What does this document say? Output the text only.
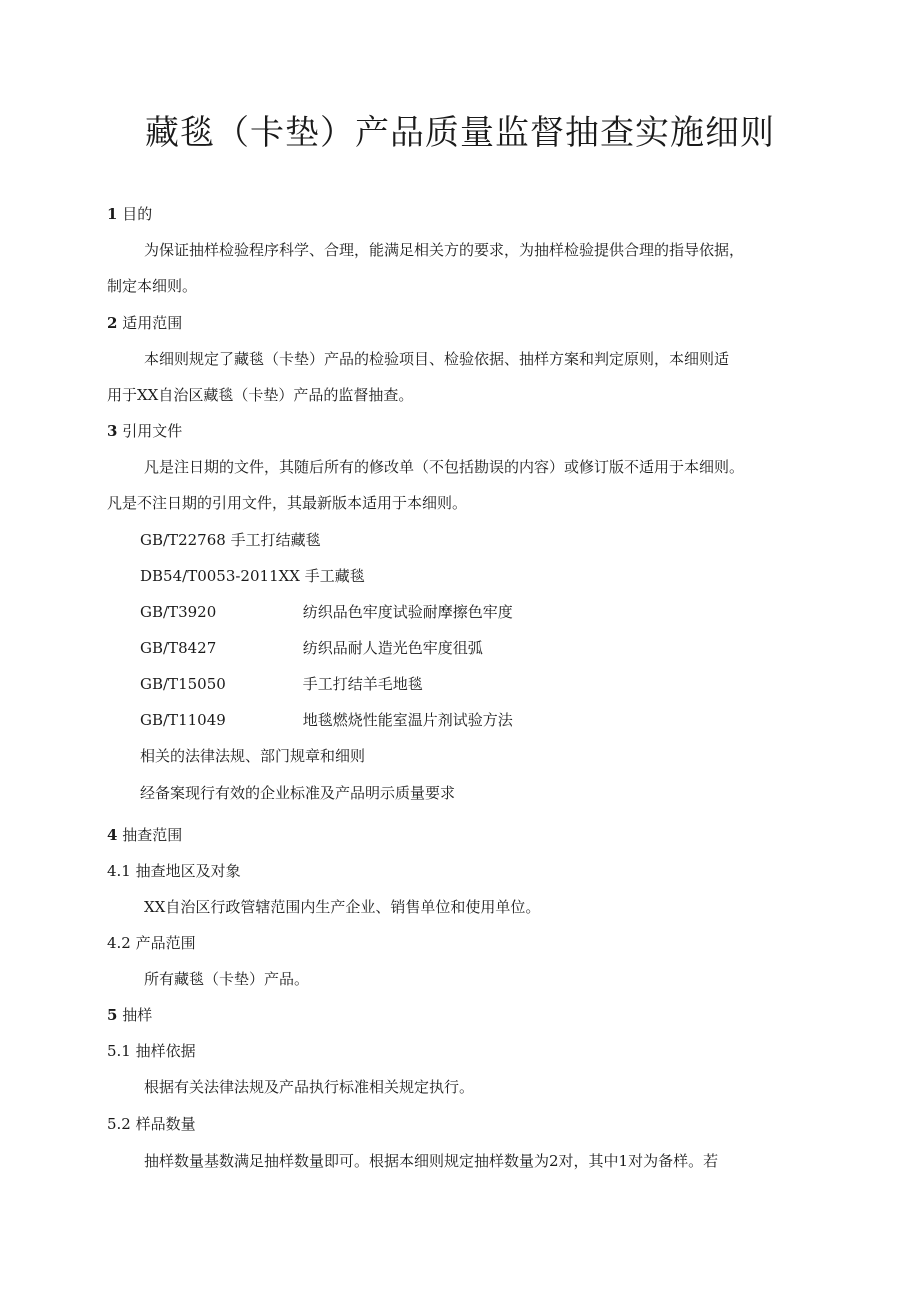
藏毯（卡垫）产品质量监督抽查实施细则
1 目的
为保证抽样检验程序科学、合理，能满足相关方的要求，为抽样检验提供合理的指导依据，
制定本细则。
2 适用范围
本细则规定了藏毯（卡垫）产品的检验项目、检验依据、抽样方案和判定原则，本细则适
用于XX自治区藏毯（卡垫）产品的监督抽查。
3 引用文件
凡是注日期的文件，其随后所有的修改单（不包括勘误的内容）或修订版不适用于本细则。
凡是不注日期的引用文件，其最新版本适用于本细则。
GB/T22768 手工打结藏毯
DB54/T0053-2011XX 手工藏毯
GB/T3920	纺织品色牢度试验耐摩擦色牢度
GB/T8427	纺织品耐人造光色牢度徂弧
GB/T15050	手工打结羊毛地毯
GB/T11049	地毯燃烧性能室温片剂试验方法
相关的法律法规、部门规章和细则
经备案现行有效的企业标准及产品明示质量要求
4 抽查范围
4.1 抽查地区及对象
XX自治区行政管辖范围内生产企业、销售单位和使用单位。
4.2 产品范围
所有藏毯（卡垫）产品。
5 抽样
5.1 抽样依据
根据有关法律法规及产品执行标准相关规定执行。
5.2 样品数量
抽样数量基数满足抽样数量即可。根据本细则规定抽样数量为2对，其中1对为备样。若
